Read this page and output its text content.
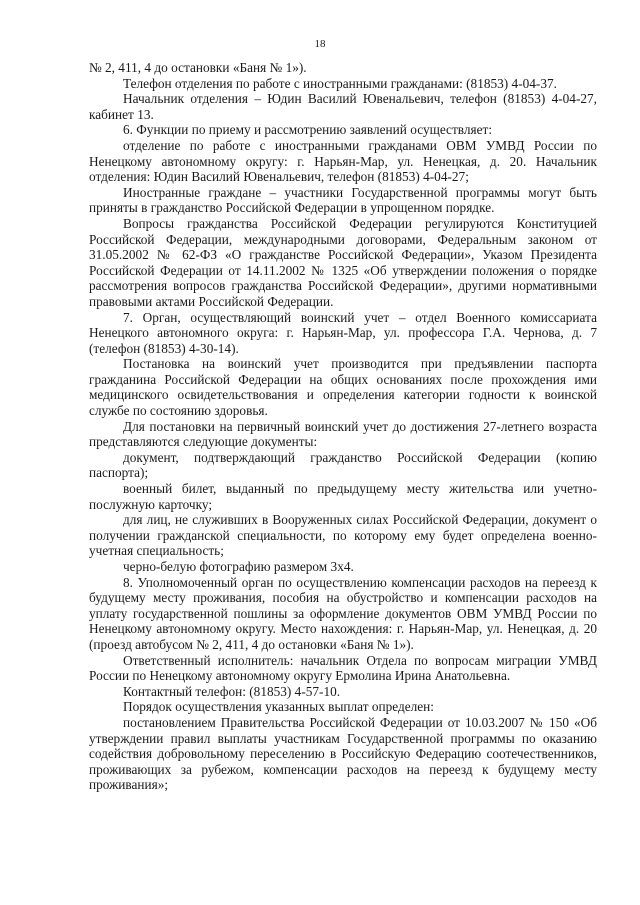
18

№ 2, 411, 4 до остановки «Баня № 1»).

Телефон отделения по работе с иностранными гражданами: (81853) 4-04-37.

Начальник отделения – Юдин Василий Ювенальевич, телефон (81853) 4-04-27, кабинет 13.

6. Функции по приему и рассмотрению заявлений осуществляет:

отделение по работе с иностранными гражданами ОВМ УМВД России по Ненецкому автономному округу: г. Нарьян-Мар, ул. Ненецкая, д. 20. Начальник отделения: Юдин Василий Ювенальевич, телефон (81853) 4-04-27;

Иностранные граждане – участники Государственной программы могут быть приняты в гражданство Российской Федерации в упрощенном порядке.

Вопросы гражданства Российской Федерации регулируются Конституцией Российской Федерации, международными договорами, Федеральным законом от 31.05.2002 № 62-ФЗ «О гражданстве Российской Федерации», Указом Президента Российской Федерации от 14.11.2002 № 1325 «Об утверждении положения о порядке рассмотрения вопросов гражданства Российской Федерации», другими нормативными правовыми актами Российской Федерации.

7. Орган, осуществляющий воинский учет – отдел Военного комиссариата Ненецкого автономного округа: г. Нарьян-Мар, ул. профессора Г.А. Чернова, д. 7 (телефон (81853) 4-30-14).

Постановка на воинский учет производится при предъявлении паспорта гражданина Российской Федерации на общих основаниях после прохождения ими медицинского освидетельствования и определения категории годности к воинской службе по состоянию здоровья.

Для постановки на первичный воинский учет до достижения 27-летнего возраста представляются следующие документы:

документ, подтверждающий гражданство Российской Федерации (копию паспорта);

военный билет, выданный по предыдущему месту жительства или учетно-послужную карточку;

для лиц, не служивших в Вооруженных силах Российской Федерации, документ о получении гражданской специальности, по которому ему будет определена военно-учетная специальность;

черно-белую фотографию размером 3х4.

8. Уполномоченный орган по осуществлению компенсации расходов на переезд к будущему месту проживания, пособия на обустройство и компенсации расходов на уплату государственной пошлины за оформление документов ОВМ УМВД России по Ненецкому автономному округу. Место нахождения: г. Нарьян-Мар, ул. Ненецкая, д. 20 (проезд автобусом № 2, 411, 4 до остановки «Баня № 1»).

Ответственный исполнитель: начальник Отдела по вопросам миграции УМВД России по Ненецкому автономному округу Ермолина Ирина Анатольевна.

Контактный телефон: (81853) 4-57-10.

Порядок осуществления указанных выплат определен:

постановлением Правительства Российской Федерации от 10.03.2007 № 150 «Об утверждении правил выплаты участникам Государственной программы по оказанию содействия добровольному переселению в Российскую Федерацию соотечественников, проживающих за рубежом, компенсации расходов на переезд к будущему месту проживания»;
